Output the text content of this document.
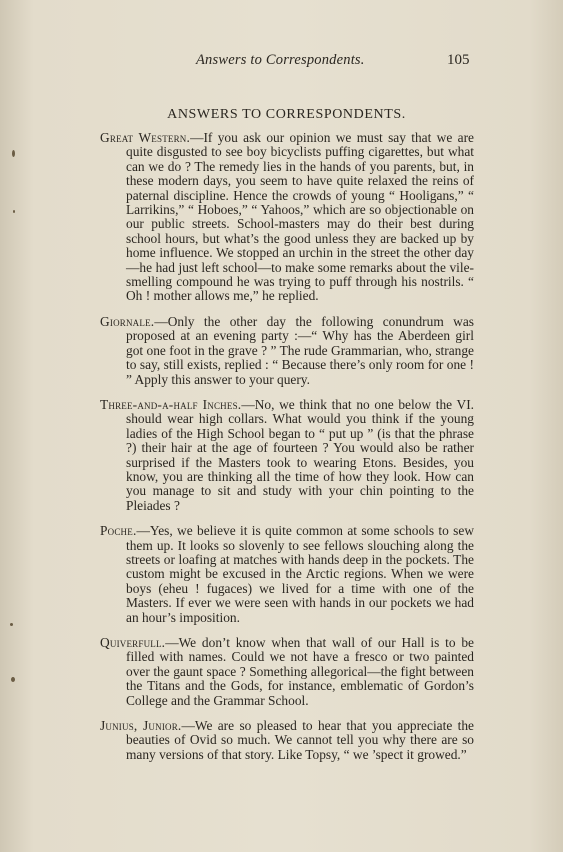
Answers to Correspondents.	105
ANSWERS TO CORRESPONDENTS.

Great Western.—If you ask our opinion we must say that we are quite disgusted to see boy bicyclists puffing cigarettes, but what can we do ? The remedy lies in the hands of you parents, but, in these modern days, you seem to have quite relaxed the reins of paternal discipline. Hence the crowds of young “ Hooligans,” “ Larrikins,” “ Hoboes,” “ Yahoos,” which are so objectionable on our public streets. School-masters may do their best during school hours, but what’s the good unless they are backed up by home influence. We stopped an urchin in the street the other day—he had just left school—to make some remarks about the vile-smelling compound he was trying to puff through his nostrils. “ Oh ! mother allows me,” he replied.

Giornale.—Only the other day the following conundrum was proposed at an evening party :—“ Why has the Aberdeen girl got one foot in the grave ? ” The rude Grammarian, who, strange to say, still exists, replied : “ Because there’s only room for one ! ” Apply this answer to your query.

Three-and-a-half Inches.—No, we think that no one below the VI. should wear high collars. What would you think if the young ladies of the High School began to “ put up ” (is that the phrase ?) their hair at the age of fourteen ? You would also be rather surprised if the Masters took to wearing Etons. Besides, you know, you are thinking all the time of how they look. How can you manage to sit and study with your chin pointing to the Pleiades ?

Poche.—Yes, we believe it is quite common at some schools to sew them up. It looks so slovenly to see fellows slouching along the streets or loafing at matches with hands deep in the pockets. The custom might be excused in the Arctic regions. When we were boys (eheu ! fugaces) we lived for a time with one of the Masters. If ever we were seen with hands in our pockets we had an hour’s imposition.

Quiverfull.—We don’t know when that wall of our Hall is to be filled with names. Could we not have a fresco or two painted over the gaunt space ? Something allegorical—the fight between the Titans and the Gods, for instance, emblematic of Gordon’s College and the Grammar School.

Junius, Junior.—We are so pleased to hear that you appreciate the beauties of Ovid so much. We cannot tell you why there are so many versions of that story. Like Topsy, “ we ’spect it growed.”
